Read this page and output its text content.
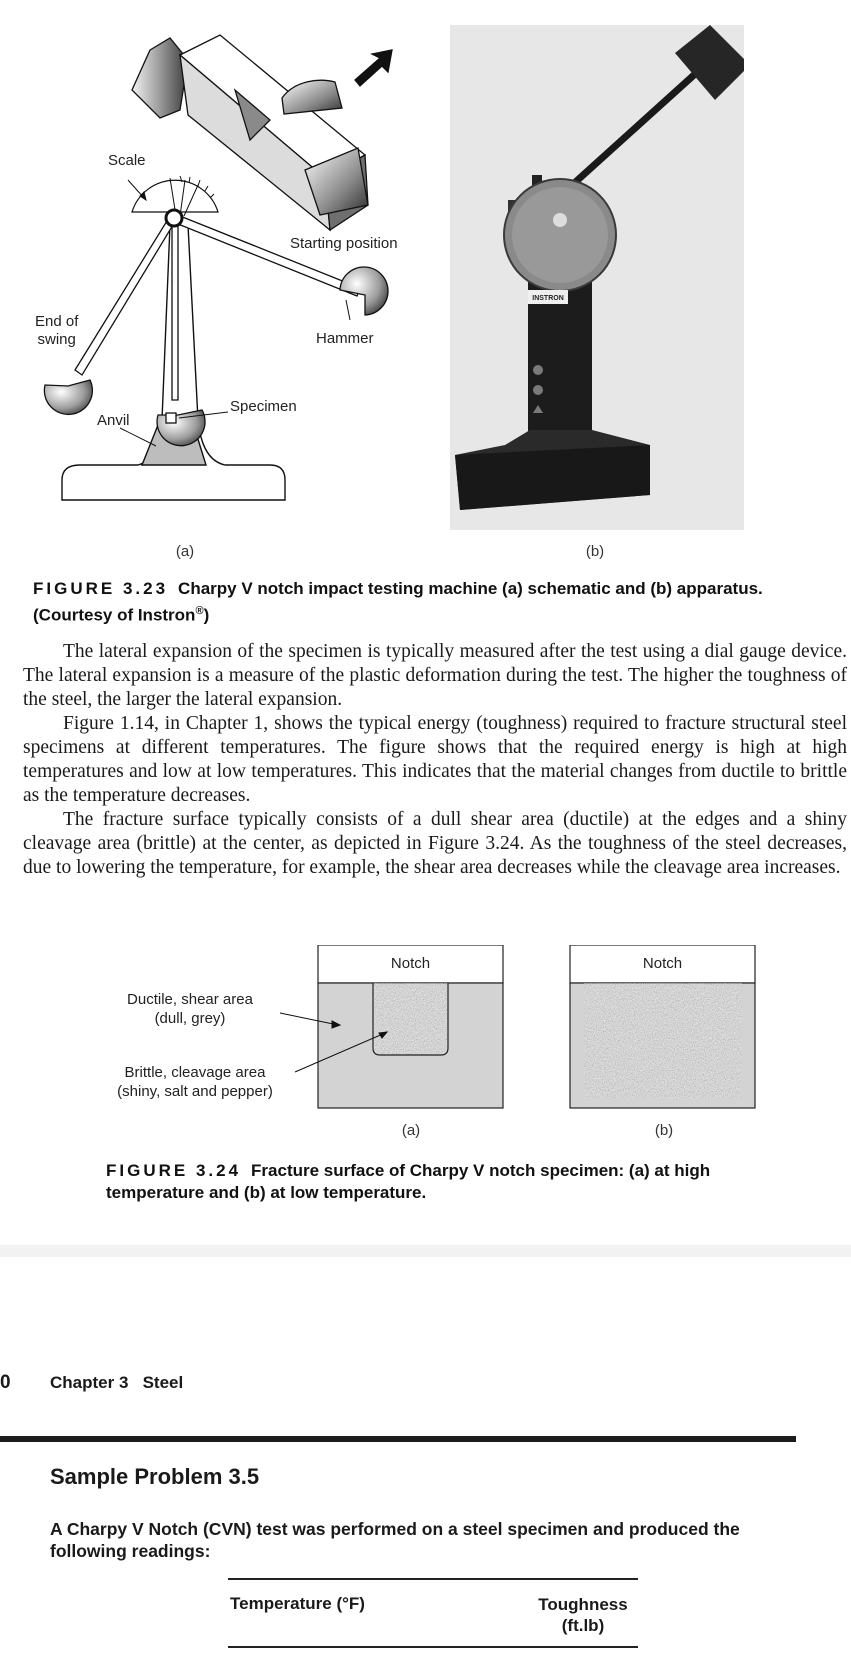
Scale
Starting position
End of
swing	Hammer
Specimen
Anvil
INSTRON
(a)	(b)
FIGURE 3.23 Charpy V notch impact testing machine (a) schematic and (b) apparatus. (Courtesy of Instron®)

The lateral expansion of the specimen is typically measured after the test using a dial gauge device. The lateral expansion is a measure of the plastic deformation during the test. The higher the toughness of the steel, the larger the lateral expansion.

Figure 1.14, in Chapter 1, shows the typical energy (toughness) required to fracture structural steel specimens at different temperatures. The figure shows that the required energy is high at high temperatures and low at low temperatures. This indicates that the material changes from ductile to brittle as the temperature decreases.

The fracture surface typically consists of a dull shear area (ductile) at the edges and a shiny cleavage area (brittle) at the center, as depicted in Figure 3.24. As the toughness of the steel decreases, due to lowering the temperature, for example, the shear area decreases while the cleavage area increases.

Notch	Notch
Ductile, shear area
(dull, grey)
Brittle, cleavage area
(shiny, salt and pepper)
(a)	(b)
FIGURE 3.24 Fracture surface of Charpy V notch specimen: (a) at high temperature and (b) at low temperature.
0 Chapter 3   Steel
Sample Problem 3.5
A Charpy V Notch (CVN) test was performed on a steel specimen and produced the following readings:
Temperature (°F)	Toughness
(ft.lb)
